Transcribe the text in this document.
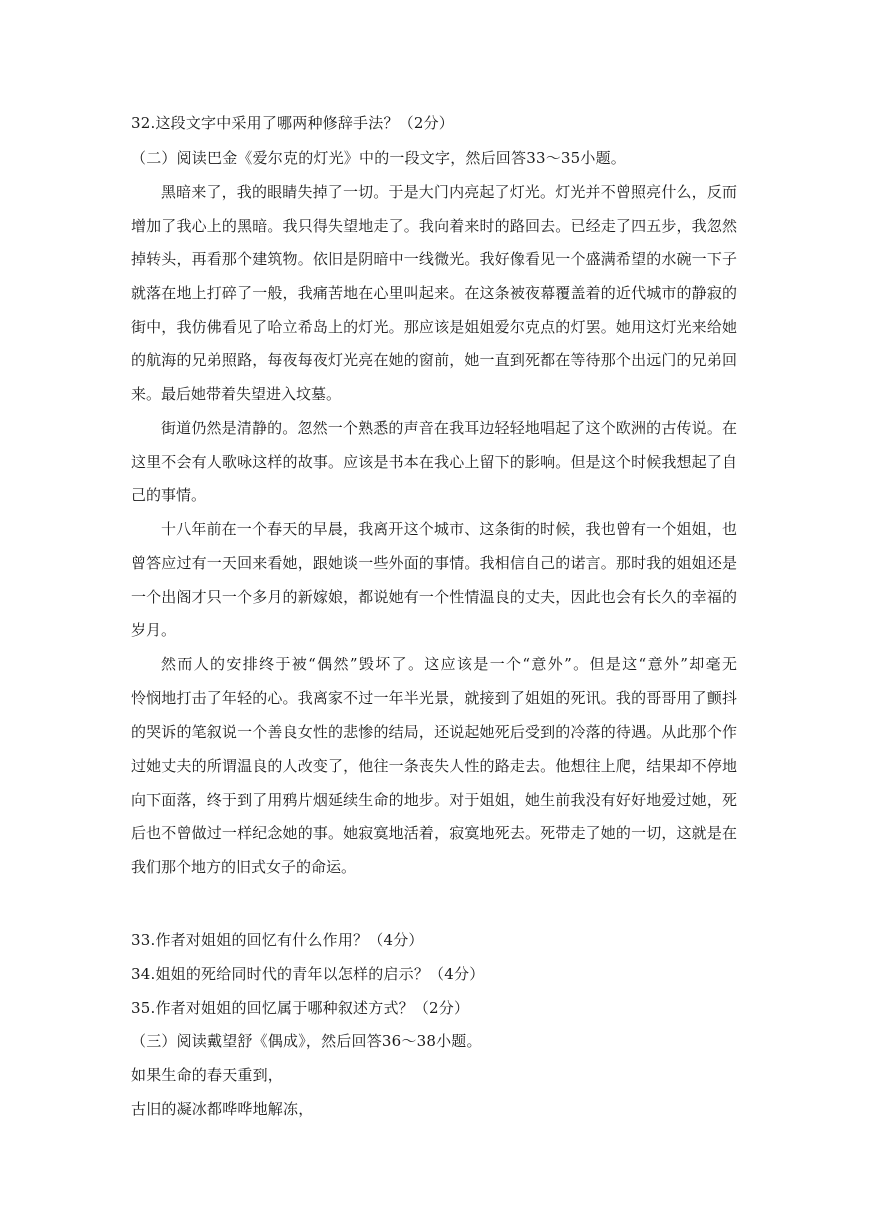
32.这段文字中采用了哪两种修辞手法？（2分）
（二）阅读巴金《爱尔克的灯光》中的一段文字，然后回答33～35小题。
黑暗来了，我的眼睛失掉了一切。于是大门内亮起了灯光。灯光并不曾照亮什么，反而
增加了我心上的黑暗。我只得失望地走了。我向着来时的路回去。已经走了四五步，我忽然
掉转头，再看那个建筑物。依旧是阴暗中一线微光。我好像看见一个盛满希望的水碗一下子
就落在地上打碎了一般，我痛苦地在心里叫起来。在这条被夜幕覆盖着的近代城市的静寂的
街中，我仿佛看见了哈立希岛上的灯光。那应该是姐姐爱尔克点的灯罢。她用这灯光来给她
的航海的兄弟照路，每夜每夜灯光亮在她的窗前，她一直到死都在等待那个出远门的兄弟回
来。最后她带着失望进入坟墓。
街道仍然是清静的。忽然一个熟悉的声音在我耳边轻轻地唱起了这个欧洲的古传说。在
这里不会有人歌咏这样的故事。应该是书本在我心上留下的影响。但是这个时候我想起了自
己的事情。
十八年前在一个春天的早晨，我离开这个城市、这条街的时候，我也曾有一个姐姐，也
曾答应过有一天回来看她，跟她谈一些外面的事情。我相信自己的诺言。那时我的姐姐还是
一个出阁才只一个多月的新嫁娘，都说她有一个性情温良的丈夫，因此也会有长久的幸福的
岁月。
然而人的安排终于被“偶然”毁坏了。这应该是一个“意外”。但是这“意外”却毫无
怜悯地打击了年轻的心。我离家不过一年半光景，就接到了姐姐的死讯。我的哥哥用了颤抖
的哭诉的笔叙说一个善良女性的悲惨的结局，还说起她死后受到的冷落的待遇。从此那个作
过她丈夫的所谓温良的人改变了，他往一条丧失人性的路走去。他想往上爬，结果却不停地
向下面落，终于到了用鸦片烟延续生命的地步。对于姐姐，她生前我没有好好地爱过她，死
后也不曾做过一样纪念她的事。她寂寞地活着，寂寞地死去。死带走了她的一切，这就是在
我们那个地方的旧式女子的命运。
33.作者对姐姐的回忆有什么作用？（4分）
34.姐姐的死给同时代的青年以怎样的启示？（4分）
35.作者对姐姐的回忆属于哪种叙述方式？（2分）
（三）阅读戴望舒《偶成》，然后回答36～38小题。
如果生命的春天重到，
古旧的凝冰都哗哗地解冻，
